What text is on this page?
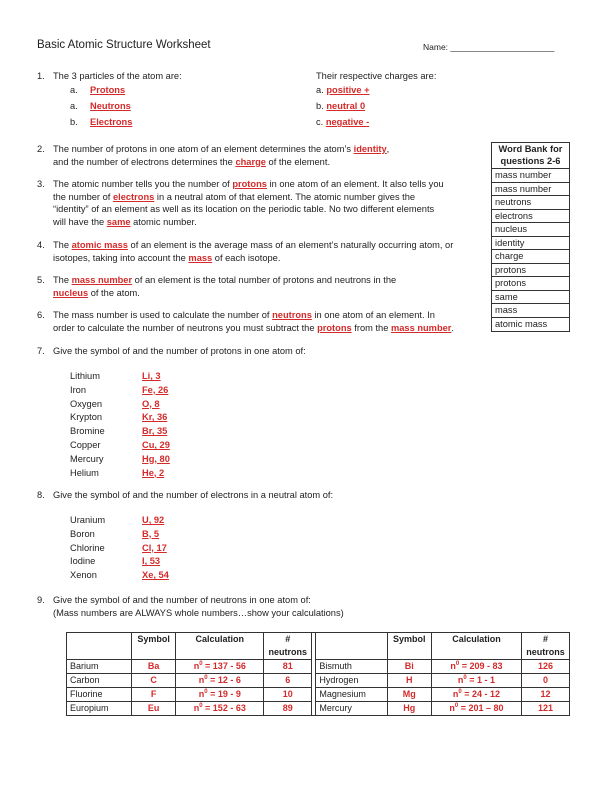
Basic Atomic Structure Worksheet	Name: ______________________
1. The 3 particles of the atom are:	Their respective charges are:
a. Protons
a. Neutrons
b. Electrons
a. positive +
b. neutral 0
c. negative -
2. The number of protons in one atom of an element determines the atom’s identity,
and the number of electrons determines the charge of the element.
3. The atomic number tells you the number of protons in one atom of an element. It also tells you
the number of electrons in a neutral atom of that element. The atomic number gives the
“identity” of an element as well as its location on the periodic table. No two different elements
will have the same atomic number.
4. The atomic mass of an element is the average mass of an element’s naturally occurring atom, or
isotopes, taking into account the mass of each isotope.
5. The mass number of an element is the total number of protons and neutrons in the
nucleus of the atom.
6. The mass number is used to calculate the number of neutrons in one atom of an element. In
order to calculate the number of neutrons you must subtract the protons from the mass number.
Word Bank for questions 2-6
mass number
mass number
neutrons
electrons
nucleus
identity
charge
protons
protons
same
mass
atomic mass
7. Give the symbol of and the number of protons in one atom of:
Lithium	Li, 3
Iron	Fe, 26
Oxygen	O, 8
Krypton	Kr, 36
Bromine	Br, 35
Copper	Cu, 29
Mercury	Hg, 80
Helium	He, 2
8. Give the symbol of and the number of electrons in a neutral atom of:
Uranium	U, 92
Boron	B, 5
Chlorine	Cl, 17
Iodine	I, 53
Xenon	Xe, 54
9. Give the symbol of and the number of neutrons in one atom of:
(Mass numbers are ALWAYS whole numbers…show your calculations)
	Symbol	Calculation	#			Symbol	Calculation	#
			neutrons					neutrons
Barium	Ba	$n^0 = 137 - 56$	81		Bismuth	Bi	$n^0 = 209 - 83$	126
Carbon	C	$n^0 = 12 - 6$	6		Hydrogen	H	$n^0 = 1 - 1$	0
Fluorine	F	$n^0 = 19 - 9$	10		Magnesium	Mg	$n^0 = 24 - 12$	12
Europium	Eu	$n^0 = 152 - 63$	89		Mercury	Hg	$n^0 = 201 - 80$	121
